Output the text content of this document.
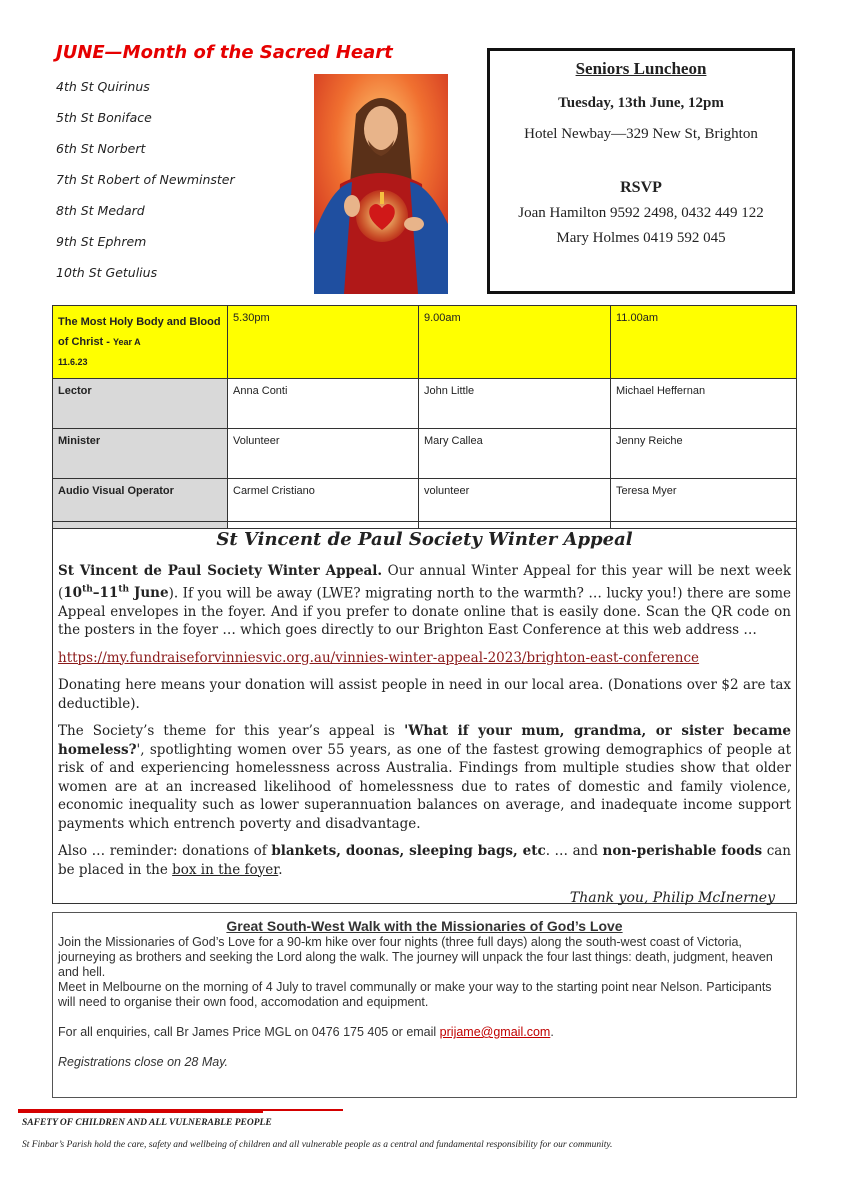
JUNE—Month of the Sacred Heart
4th St Quirinus
5th St Boniface
6th St Norbert
7th St Robert of Newminster
8th St Medard
9th St Ephrem
10th St Getulius
Seniors Luncheon
Tuesday, 13th June, 12pm
Hotel Newbay—329 New St, Brighton
RSVP
Joan Hamilton 9592 2498, 0432 449 122
Mary Holmes 0419 592 045
The Most Holy Body and Blood of Christ - Year A
11.6.23	5.30pm	9.00am	11.00am
Lector	Anna Conti	John Little	Michael Heffernan
Minister	Volunteer	Mary Callea	Jenny Reiche
Audio Visual Operator	Carmel Cristiano	volunteer	Teresa Myer
St Vincent de Paul Society Winter Appeal

St Vincent de Paul Society Winter Appeal. Our annual Winter Appeal for this year will be next week (10th–11th June). If you will be away (LWE? migrating north to the warmth? … lucky you!) there are some Appeal envelopes in the foyer. And if you prefer to donate online that is easily done. Scan the QR code on the posters in the foyer … which goes directly to our Brighton East Conference at this web address …

https://my.fundraiseforvinniesvic.org.au/vinnies-winter-appeal-2023/brighton-east-conference

Donating here means your donation will assist people in need in our local area. (Donations over $2 are tax deductible).

The Society’s theme for this year’s appeal is 'What if your mum, grandma, or sister became homeless?', spotlighting women over 55 years, as one of the fastest growing demographics of people at risk of and experiencing homelessness across Australia. Findings from multiple studies show that older women are at an increased likelihood of homelessness due to rates of domestic and family violence, economic inequality such as lower superannuation balances on average, and inadequate income support payments which entrench poverty and disadvantage.

Also … reminder: donations of blankets, doonas, sleeping bags, etc. … and non-perishable foods can be placed in the box in the foyer.

Thank you, Philip McInerney
Great South-West Walk with the Missionaries of God’s Love

Join the Missionaries of God’s Love for a 90-km hike over four nights (three full days) along the south-west coast of Victoria, journeying as brothers and seeking the Lord along the walk. The journey will unpack the four last things: death, judgment, heaven and hell.

Meet in Melbourne on the morning of 4 July to travel communally or make your way to the starting point near Nelson. Participants will need to organise their own food, accomodation and equipment.

For all enquiries, call Br James Price MGL on 0476 175 405 or email prijame@gmail.com.

Registrations close on 28 May.

SAFETY OF CHILDREN AND ALL VULNERABLE PEOPLE
St Finbar’s Parish hold the care, safety and wellbeing of children and all vulnerable people as a central and fundamental responsibility for our community.
